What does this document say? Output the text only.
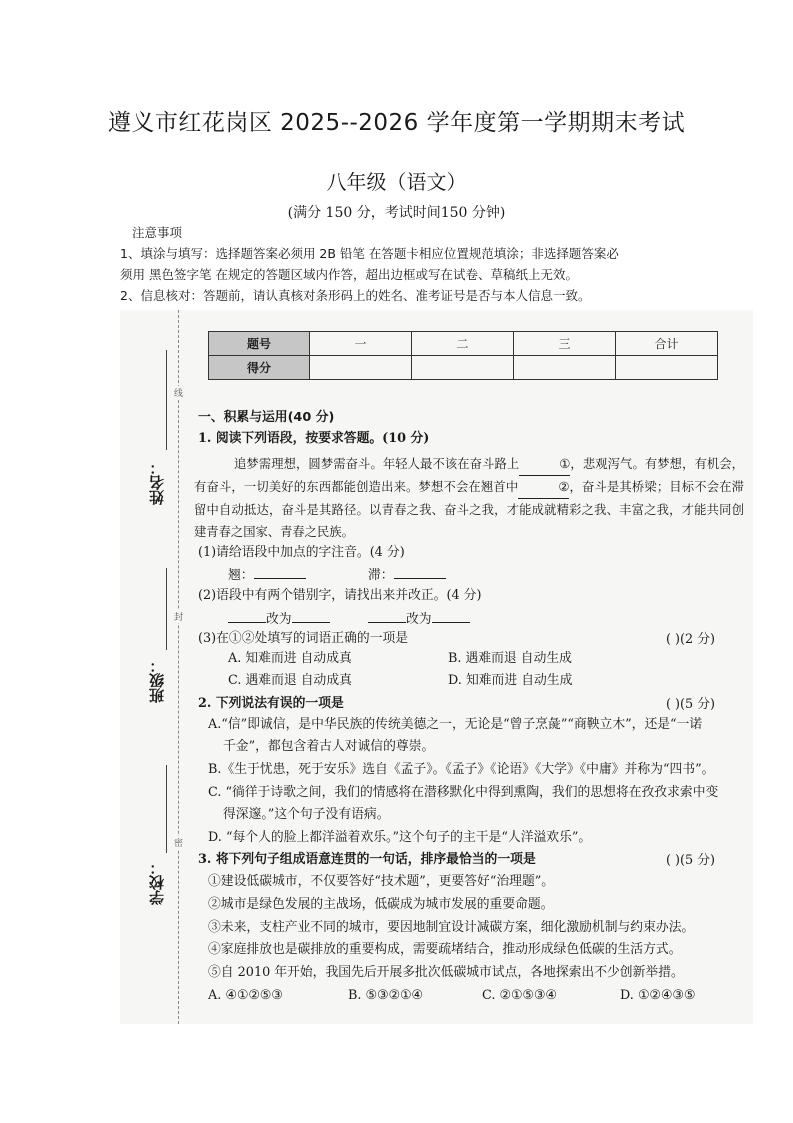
遵义市红花岗区 2025--2026 学年度第一学期期末考试
八年级（语文）
(满分 150 分，考试时间150 分钟)
注意事项
1、填涂与填写：选择题答案必须用 2B 铅笔 在答题卡相应位置规范填涂；非选择题答案必
须用 黑色签字笔 在规定的答题区域内作答，超出边框或写在试卷、草稿纸上无效。
2、信息核对：答题前，请认真核对条形码上的姓名、准考证号是否与本人信息一致。
线
封
密
姓名：
班级：
学校：
题号	一	二	三	合计
得分				
一、积累与运用(40 分)
1. 阅读下列语段，按要求答题。(10 分)
追梦需理想，圆梦需奋斗。年轻人最不该在奋斗路上	①，悲观泻气。有梦想，有机会，有奋斗，一切美好的东西都能创造出来。梦想不会在翘首中	②，奋斗是其桥梁；目标不会在滞留中自动抵达，奋斗是其路径。以青春之我、奋斗之我，才能成就精彩之我、丰富之我，才能共同创建青春之国家、青春之民族。
(1)请给语段中加点的字注音。(4 分)
翘：	滞：
(2)语段中有两个错别字，请找出来并改正。(4 分)
改为	改为
(3)在①②处填写的词语正确的一项是	( )(2 分)
A. 知难而进 自动成真	B. 遇难而退 自动生成
C. 遇难而退 自动成真	D. 知难而进 自动生成
2. 下列说法有误的一项是	( )(5 分)
A.“信”即诚信，是中华民族的传统美德之一，无论是“曾子烹彘”“商鞅立木”，还是“一诺
千金”，都包含着古人对诚信的尊崇。
B.《生于忧患，死于安乐》选自《孟子》。《孟子》《论语》《大学》《中庸》并称为“四书”。
C. “徜徉于诗歌之间，我们的情感将在潜移默化中得到熏陶，我们的思想将在孜孜求索中变
得深邃。”这个句子没有语病。
D. “每个人的脸上都洋溢着欢乐。”这个句子的主干是“人洋溢欢乐”。
3. 将下列句子组成语意连贯的一句话，排序最恰当的一项是	( )(5 分)
①建设低碳城市，不仅要答好“技术题”，更要答好“治理题”。
②城市是绿色发展的主战场，低碳成为城市发展的重要命题。
③未来，支柱产业不同的城市，要因地制宜设计减碳方案，细化激励机制与约束办法。
④家庭排放也是碳排放的重要构成，需要疏堵结合，推动形成绿色低碳的生活方式。
⑤自 2010 年开始，我国先后开展多批次低碳城市试点，各地探索出不少创新举措。
A. ④①②⑤③	B. ⑤③②①④	C. ②①⑤③④	D. ①②④③⑤
